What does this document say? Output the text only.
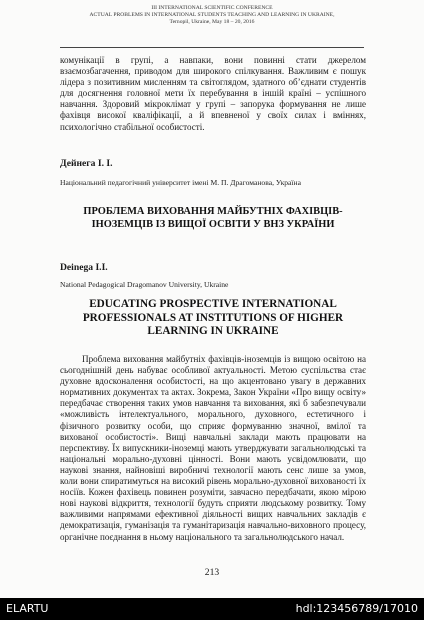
III INTERNATIONAL SCIENTIFIC CONFERENCE
ACTUAL PROBLEMS IN INTERNATIONAL STUDENTS TEACHING AND LEARNING IN UKRAINE,
Ternopil, Ukraine, May 18 – 20, 2016

комунікації в групі, а навпаки, вони повинні стати джерелом взаємозбагачення, приводом для широкого спілкування. Важливим є пошук лідера з позитивним мисленням та світоглядом, здатного об’єднати студентів для досягнення головної мети їх перебування в іншій країні – успішного навчання. Здоровий мікроклімат у групі – запорука формування не лише фахівця високої кваліфікації, а й впевненої у своїх силах і вміннях, психологічно стабільної особистості.

Дейнега І. І.
Національний педагогічний університет імені М. П. Драгоманова, Україна
ПРОБЛЕМА ВИХОВАННЯ МАЙБУТНІХ ФАХІВЦІВ-ІНОЗЕМЦІВ ІЗ ВИЩОЇ ОСВІТИ У ВНЗ УКРАЇНИ
Deinega I.I.
National Pedagogical Dragomanov University, Ukraine
EDUCATING PROSPECTIVE INTERNATIONAL PROFESSIONALS AT INSTITUTIONS OF HIGHER LEARNING IN UKRAINE

Проблема виховання майбутніх фахівців-іноземців із вищою освітою на сьогоднішній день набуває особливої актуальності. Метою суспільства стає духовне вдосконалення особистості, на що акцентовано увагу в державних нормативних документах та актах. Зокрема, Закон України «Про вищу освіту» передбачає створення таких умов навчання та виховання, які б забезпечували «можливість інтелектуального, морального, духовного, естетичного і фізичного розвитку особи, що сприяє формуванню значної, вмілої та вихованої особистості». Вищі навчальні заклади мають працювати на перспективу. Їх випускники-іноземці мають утверджувати загальнолюдські та національні морально-духовні цінності. Вони мають усвідомлювати, що наукові знання, найновіші виробничі технології мають сенс лише за умов, коли вони спиратимуться на високий рівень морально-духовної вихованості їх носіїв. Кожен фахівець повинен розуміти, завчасно передбачати, якою мірою нові наукові відкриття, технології будуть сприяти людському розвитку. Тому важливими напрямами ефективної діяльності вищих навчальних закладів є демократизація, гуманізація та гуманітаризація навчально-виховного процесу, органічне поєднання в ньому національного та загальнолюдського начал.

213
ELARTU	hdl:123456789/17010
